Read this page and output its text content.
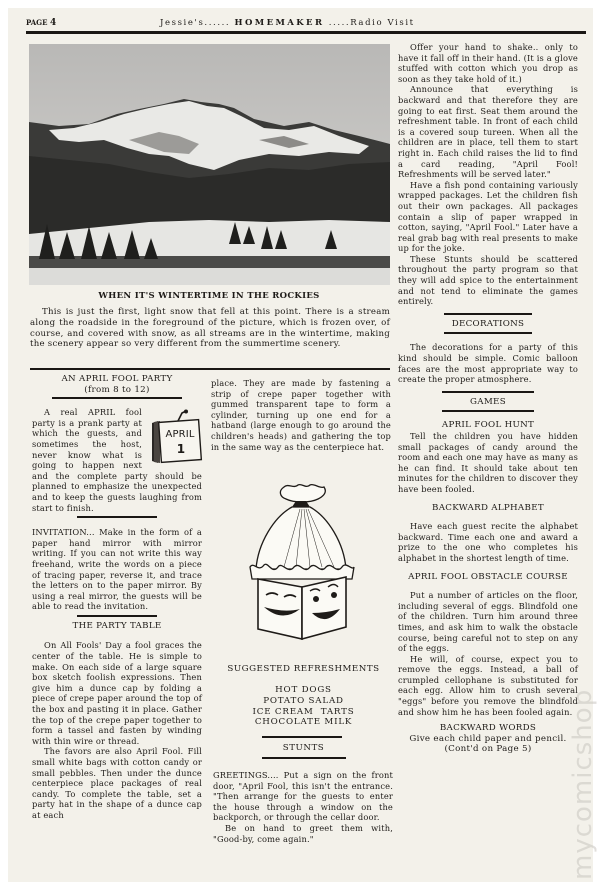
PAGE 4	Jessie's...... HOMEMAKER .....Radio Visit
WHEN IT'S WINTERTIME IN THE ROCKIES
This is just the first, light snow that fell at this point. There is a stream along the roadside in the foreground of the picture, which is frozen over, of course, and covered with snow, as all streams are in the wintertime, making the scenery appear so very different from the summertime scenery.
AN APRIL FOOL PARTY
(from 8 to 12)
APRIL
1

A real APRIL fool party is a prank party at which the guests, and sometimes the host, never know what is going to happen next and the complete party should be planned to emphasize the unexpected and to keep the guests laughing from start to finish.

INVITATION... Make in the form of a paper hand mirror with mirror writing. If you can not write this way freehand, write the words on a piece of tracing paper, reverse it, and trace the letters on to the paper mirror. By using a real mirror, the guests will be able to read the invitation.

THE PARTY TABLE

On All Fools' Day a fool graces the center of the table. He is simple to make. On each side of a large square box sketch foolish expressions. Then give him a dunce cap by folding a piece of crepe paper around the top of the box and pasting it in place. Gather the top of the crepe paper together to form a tassel and fasten by winding with thin wire or thread.

The favors are also April Fool. Fill small white bags with cotton candy or small pebbles. Then under the dunce centerpiece place packages of real candy. To complete the table, set a party hat in the shape of a dunce cap at each

place. They are made by fastening a strip of crepe paper together with gummed transparent tape to form a cylinder, turning up one end for a hatband (large enough to go around the children's heads) and gathering the top in the same way as the centerpiece hat.

SUGGESTED REFRESHMENTS
HOT DOGS
POTATO SALAD
ICE CREAM  TARTS
CHOCOLATE MILK
STUNTS

GREETINGS.... Put a sign on the front door, "April Fool, this isn't the entrance. "Then arrange for the guests to enter the house through a window on the backporch, or through the cellar door.

Be on hand to greet them with, "Good-by, come again."

Offer your hand to shake.. only to have it fall off in their hand. (It is a glove stuffed with cotton which you drop as soon as they take hold of it.)

Announce that everything is backward and that therefore they are going to eat first. Seat them around the refreshment table. In front of each child is a covered soup tureen. When all the children are in place, tell them to start right in. Each child raises the lid to find a card reading, "April Fool! Refreshments will be served later."

Have a fish pond containing variously wrapped packages. Let the children fish out their own packages. All packages contain a slip of paper wrapped in cotton, saying, "April Fool." Later have a real grab bag with real presents to make up for the joke.

These Stunts should be scattered throughout the party program so that they will add spice to the entertainment and not tend to eliminate the games entirely.

DECORATIONS

The decorations for a party of this kind should be simple. Comic balloon faces are the most appropriate way to create the proper atmosphere.

GAMES
APRIL FOOL HUNT

Tell the children you have hidden small packages of candy around the room and each one may have as many as he can find. It should take about ten minutes for the children to discover they have been fooled.

BACKWARD ALPHABET

Have each guest recite the alphabet backward. Time each one and award a prize to the one who completes his alphabet in the shortest length of time.

APRIL FOOL OBSTACLE COURSE

Put a number of articles on the floor, including several of eggs. Blindfold one of the children. Turn him around three times, and ask him to walk the obstacle course, being careful not to step on any of the eggs.

He will, of course, expect you to remove the eggs. Instead, a ball of crumpled cellophane is substituted for each egg. Allow him to crush several "eggs" before you remove the blindfold and show him he has been fooled again.

BACKWARD WORDS
Give each child paper and pencil.
(Cont'd on Page 5)	mycomicshop
